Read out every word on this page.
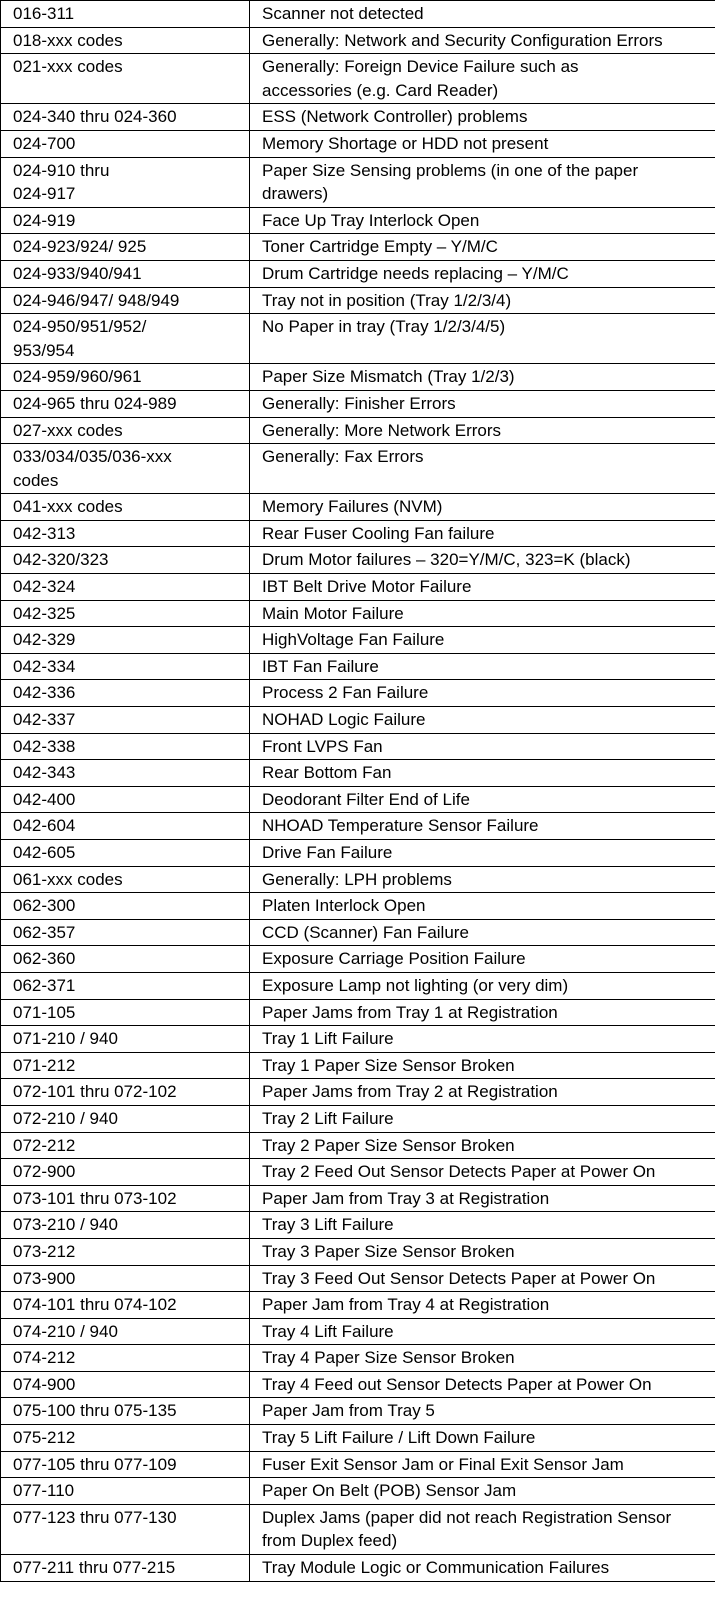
016-311	Scanner not detected
018-xxx codes	Generally: Network and Security Configuration Errors
021-xxx codes	Generally: Foreign Device Failure such as
accessories (e.g. Card Reader)
024-340 thru 024-360	ESS (Network Controller) problems
024-700	Memory Shortage or HDD not present
024-910 thru
024-917	Paper Size Sensing problems (in one of the paper
drawers)
024-919	Face Up Tray Interlock Open
024-923/924/ 925	Toner Cartridge Empty – Y/M/C
024-933/940/941	Drum Cartridge needs replacing – Y/M/C
024-946/947/ 948/949	Tray not in position (Tray 1/2/3/4)
024-950/951/952/
953/954	No Paper in tray (Tray 1/2/3/4/5)
024-959/960/961	Paper Size Mismatch (Tray 1/2/3)
024-965 thru 024-989	Generally: Finisher Errors
027-xxx codes	Generally: More Network Errors
033/034/035/036-xxx
codes	Generally: Fax Errors
041-xxx codes	Memory Failures (NVM)
042-313	Rear Fuser Cooling Fan failure
042-320/323	Drum Motor failures – 320=Y/M/C, 323=K (black)
042-324	IBT Belt Drive Motor Failure
042-325	Main Motor Failure
042-329	HighVoltage Fan Failure
042-334	IBT Fan Failure
042-336	Process 2 Fan Failure
042-337	NOHAD Logic Failure
042-338	Front LVPS Fan
042-343	Rear Bottom Fan
042-400	Deodorant Filter End of Life
042-604	NHOAD Temperature Sensor Failure
042-605	Drive Fan Failure
061-xxx codes	Generally: LPH problems
062-300	Platen Interlock Open
062-357	CCD (Scanner) Fan Failure
062-360	Exposure Carriage Position Failure
062-371	Exposure Lamp not lighting (or very dim)
071-105	Paper Jams from Tray 1 at Registration
071-210 / 940	Tray 1 Lift Failure
071-212	Tray 1 Paper Size Sensor Broken
072-101 thru 072-102	Paper Jams from Tray 2 at Registration
072-210 / 940	Tray 2 Lift Failure
072-212	Tray 2 Paper Size Sensor Broken
072-900	Tray 2 Feed Out Sensor Detects Paper at Power On
073-101 thru 073-102	Paper Jam from Tray 3 at Registration
073-210 / 940	Tray 3 Lift Failure
073-212	Tray 3 Paper Size Sensor Broken
073-900	Tray 3 Feed Out Sensor Detects Paper at Power On
074-101 thru 074-102	Paper Jam from Tray 4 at Registration
074-210 / 940	Tray 4 Lift Failure
074-212	Tray 4 Paper Size Sensor Broken
074-900	Tray 4 Feed out Sensor Detects Paper at Power On
075-100 thru 075-135	Paper Jam from Tray 5
075-212	Tray 5 Lift Failure / Lift Down Failure
077-105 thru 077-109	Fuser Exit Sensor Jam or Final Exit Sensor Jam
077-110	Paper On Belt (POB) Sensor Jam
077-123 thru 077-130	Duplex Jams (paper did not reach Registration Sensor
from Duplex feed)
077-211 thru 077-215	Tray Module Logic or Communication Failures
